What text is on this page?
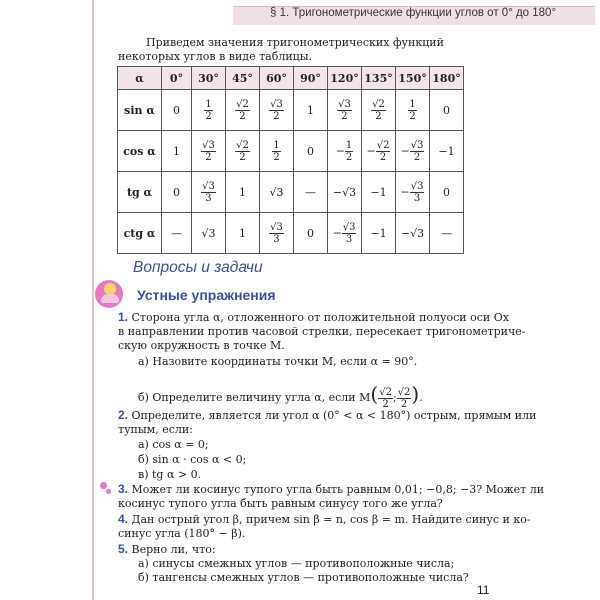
§ 1. Тригонометрические функции углов от 0° до 180°
Приведем значения тригонометрических функций некоторых углов в виде таблицы.
α	0°	30°	45°	60°	90°	120°	135°	150°	180°
sin α	0	$\frac{1}{2}$	$\frac{√2}{2}$	$\frac{√3}{2}$	1	$\frac{√3}{2}$	$\frac{√2}{2}$	$\frac{1}{2}$	0
cos α	1	$\frac{√3}{2}$	$\frac{√2}{2}$	$\frac{1}{2}$	0	− $\frac{1}{2}$	− $\frac{√2}{2}$	− $\frac{√3}{2}$	−1
tg α	0	$\frac{√3}{3}$	1	√3	—	−√3	−1	− $\frac{√3}{3}$	0
ctg α	—	√3	1	$\frac{√3}{3}$	0	− $\frac{√3}{3}$	−1	−√3	—
Вопросы и задачи
Устные упражнения
1. Сторона угла α, отложенного от положительной полуоси оси Ox
в направлении против часовой стрелки, пересекает тригонометриче-
скую окружность в точке M.
а) Назовите координаты точки M, если α = 90°.
б) Определите величину угла α, если $M( \frac{√2}{2}$ ; $\frac{√2}{2}$ ).
2. Определите, является ли угол α (0° < α < 180°) острым, прямым или
тупым, если:
а) cos α = 0;
б) sin α · cos α < 0;
в) tg α > 0.
3. Может ли косинус тупого угла быть равным 0,01; −0,8; −3? Может ли
косинус тупого угла быть равным синусу того же угла?
4. Дан острый угол β, причем sin β = n, cos β = m. Найдите синус и ко-
синус угла (180° − β).
5. Верно ли, что:
а) синусы смежных углов — противоположные числа;
б) тангенсы смежных углов — противоположные числа?
11
